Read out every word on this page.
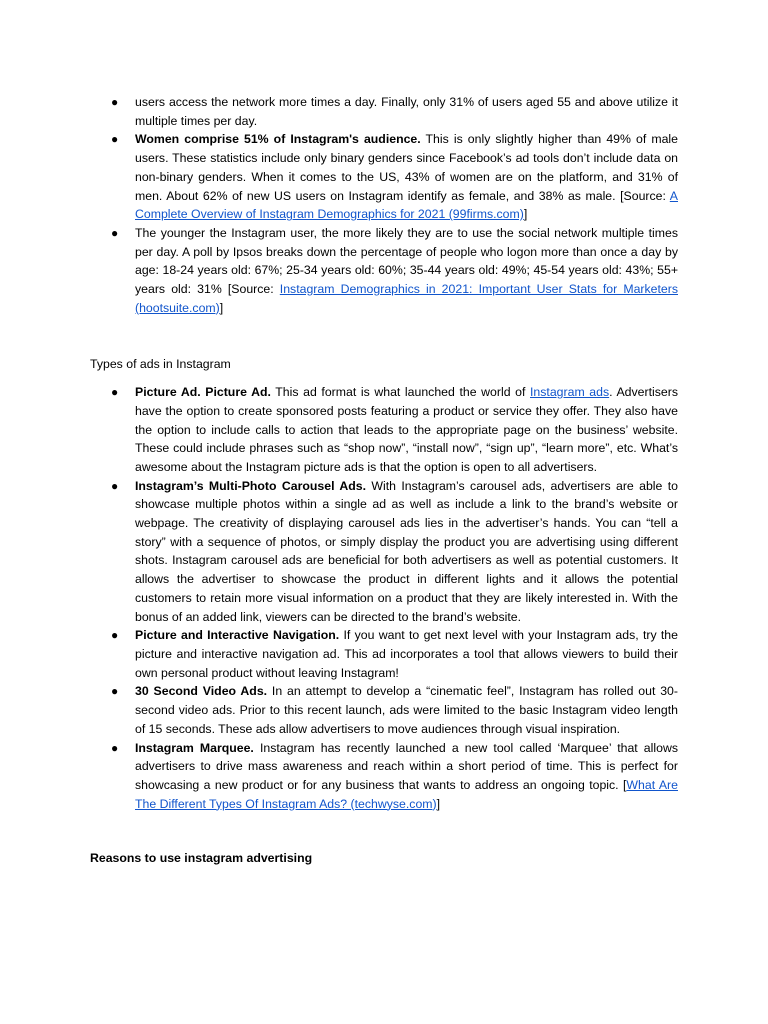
● users access the network more times a day. Finally, only 31% of users aged 55 and above utilize it multiple times per day.
● Women comprise 51% of Instagram's audience. This is only slightly higher than 49% of male users. These statistics include only binary genders since Facebook’s ad tools don’t include data on non-binary genders. When it comes to the US, 43% of women are on the platform, and 31% of men. About 62% of new US users on Instagram identify as female, and 38% as male. [Source: A Complete Overview of Instagram Demographics for 2021 (99firms.com)]
● The younger the Instagram user, the more likely they are to use the social network multiple times per day. A poll by Ipsos breaks down the percentage of people who logon more than once a day by age: 18-24 years old: 67%; 25-34 years old: 60%; 35-44 years old: 49%; 45-54 years old: 43%; 55+ years old: 31% [Source: Instagram Demographics in 2021: Important User Stats for Marketers (hootsuite.com)]

Types of ads in Instagram

● Picture Ad. Picture Ad. This ad format is what launched the world of Instagram ads. Advertisers have the option to create sponsored posts featuring a product or service they offer. They also have the option to include calls to action that leads to the appropriate page on the business’ website. These could include phrases such as “shop now”, “install now”, “sign up”, “learn more”, etc. What’s awesome about the Instagram picture ads is that the option is open to all advertisers.
● Instagram’s Multi-Photo Carousel Ads. With Instagram’s carousel ads, advertisers are able to showcase multiple photos within a single ad as well as include a link to the brand’s website or webpage. The creativity of displaying carousel ads lies in the advertiser’s hands. You can “tell a story” with a sequence of photos, or simply display the product you are advertising using different shots. Instagram carousel ads are beneficial for both advertisers as well as potential customers. It allows the advertiser to showcase the product in different lights and it allows the potential customers to retain more visual information on a product that they are likely interested in. With the bonus of an added link, viewers can be directed to the brand’s website.
● Picture and Interactive Navigation. If you want to get next level with your Instagram ads, try the picture and interactive navigation ad. This ad incorporates a tool that allows viewers to build their own personal product without leaving Instagram!
● 30 Second Video Ads. In an attempt to develop a “cinematic feel”, Instagram has rolled out 30-second video ads. Prior to this recent launch, ads were limited to the basic Instagram video length of 15 seconds. These ads allow advertisers to move audiences through visual inspiration.
● Instagram Marquee. Instagram has recently launched a new tool called ‘Marquee’ that allows advertisers to drive mass awareness and reach within a short period of time. This is perfect for showcasing a new product or for any business that wants to address an ongoing topic. [What Are The Different Types Of Instagram Ads? (techwyse.com)]

Reasons to use instagram advertising
